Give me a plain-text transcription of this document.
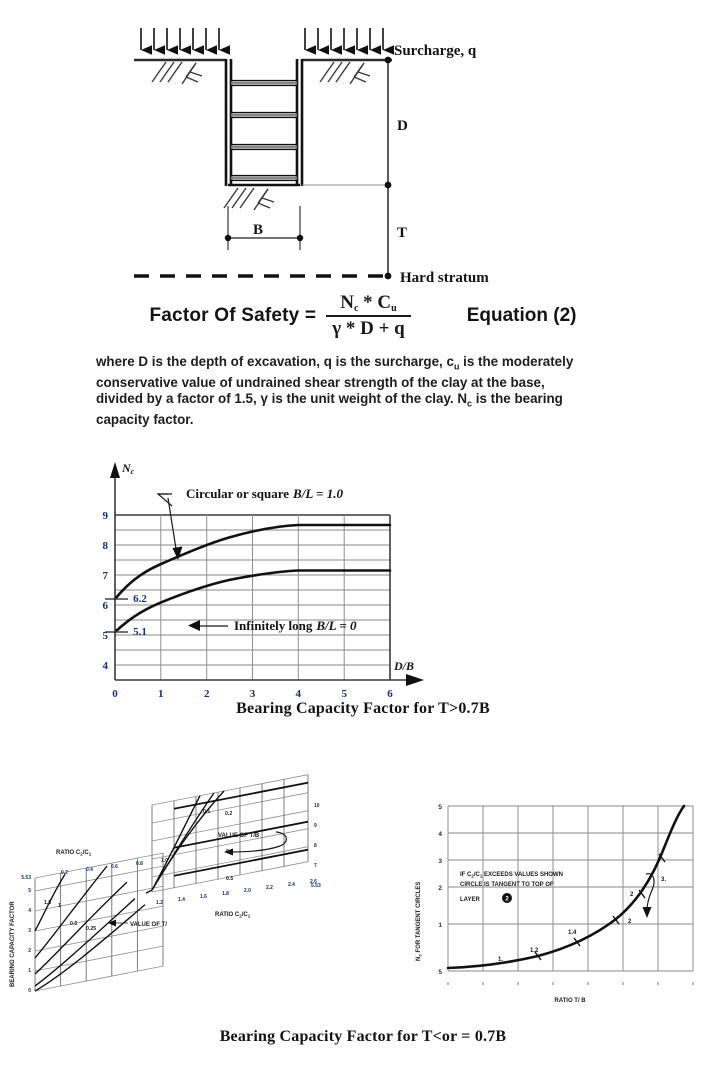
Surcharge, q
D
T
B
Hard stratum
Factor Of Safety = $\frac{N_c * C_u}{\gamma * D + q}$	Equation (2)
where D is the depth of excavation, q is the surcharge, $c_u$ is the moderately conservative value of undrained shear strength of the clay at the base, divided by a factor of 1.5, γ is the unit weight of the clay. $N_c$ is the bearing capacity factor.
9
8
7
6
5
4
0	1	2	3	4	5	6
Nc
D/B
6.2
5.1
Circular or square B/L = 1.0
Infinitely long B/L = 0
Bearing Capacity Factor for T>0.7B
5.53
5
4
3
2
1
0
0.2	0.4	0.6	0.8	1.0
1.5 1
0.5
0.25
RATIO $C_2/C_1$
BEARING CAPACITY FACTOR	VALUE OF T/
1.2	1.4	1.6	1.8	2.0	2.2	2.4	2.6
10
9
8
7
5.53
0.1	0.2
0.5
RATIO $C_2/C_1$
VALUE OF T/B
5
4
3
2
1
5
1.
1.2
1.4
2
2
3.
IF $C_2/C_1$ EXCEEDS VALUES SHOWN
CIRCLE IS TANGENT TO TOP OF
LAYER	2
RATIO T/ B
$N_c$ FOR TANGENT CIRCLES
Bearing Capacity Factor for T<or = 0.7B
